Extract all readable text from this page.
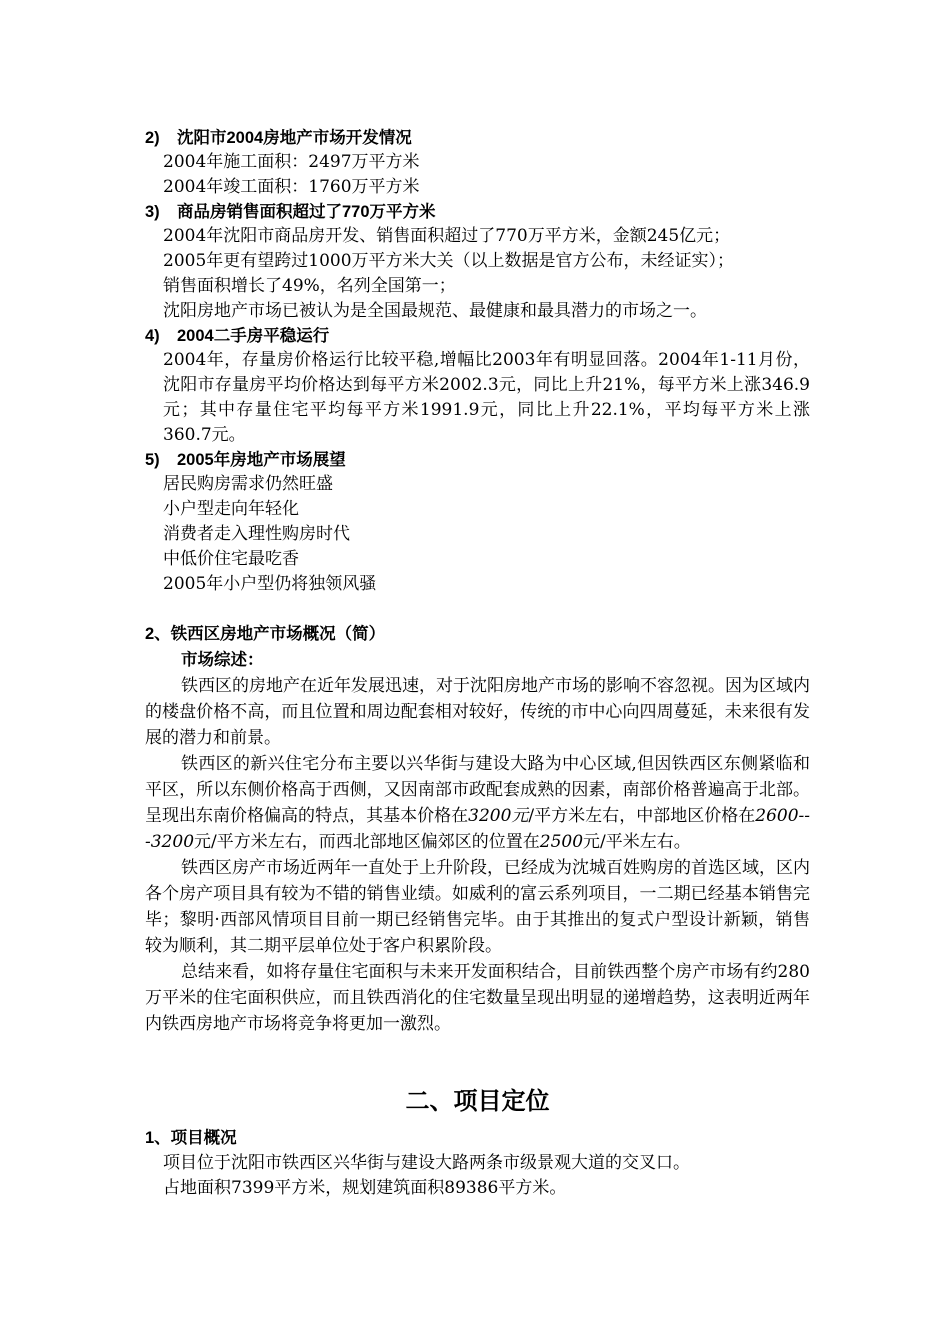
2) 沈阳市2004房地产市场开发情况
2004年施工面积：2497万平方米
2004年竣工面积：1760万平方米
3) 商品房销售面积超过了770万平方米
2004年沈阳市商品房开发、销售面积超过了770万平方米，金额245亿元；
2005年更有望跨过1000万平方米大关（以上数据是官方公布，未经证实）；
销售面积增长了49%，名列全国第一；
沈阳房地产市场已被认为是全国最规范、最健康和最具潜力的市场之一。
4) 2004二手房平稳运行
2004年，存量房价格运行比较平稳,增幅比2003年有明显回落。2004年1-11月份，沈阳市存量房平均价格达到每平方米2002.3元，同比上升21%，每平方米上涨346.9元；其中存量住宅平均每平方米1991.9元，同比上升22.1%，平均每平方米上涨360.7元。
5) 2005年房地产市场展望
居民购房需求仍然旺盛
小户型走向年轻化
消费者走入理性购房时代
中低价住宅最吃香
2005年小户型仍将独领风骚
2、铁西区房地产市场概况（简）
市场综述：
铁西区的房地产在近年发展迅速，对于沈阳房地产市场的影响不容忽视。因为区域内的楼盘价格不高，而且位置和周边配套相对较好，传统的市中心向四周蔓延，未来很有发展的潜力和前景。
铁西区的新兴住宅分布主要以兴华街与建设大路为中心区域,但因铁西区东侧紧临和平区，所以东侧价格高于西侧，又因南部市政配套成熟的因素，南部价格普遍高于北部。呈现出东南价格偏高的特点，其基本价格在3200元/平方米左右，中部地区价格在2600---3200元/平方米左右，而西北部地区偏郊区的位置在2500元/平米左右。
铁西区房产市场近两年一直处于上升阶段，已经成为沈城百姓购房的首选区域，区内各个房产项目具有较为不错的销售业绩。如威利的富云系列项目，一二期已经基本销售完毕；黎明·西部风情项目目前一期已经销售完毕。由于其推出的复式户型设计新颖，销售较为顺利，其二期平层单位处于客户积累阶段。
总结来看，如将存量住宅面积与未来开发面积结合，目前铁西整个房产市场有约280万平米的住宅面积供应，而且铁西消化的住宅数量呈现出明显的递增趋势，这表明近两年内铁西房地产市场将竞争将更加一激烈。
二、项目定位
1、项目概况
项目位于沈阳市铁西区兴华街与建设大路两条市级景观大道的交叉口。
占地面积7399平方米，规划建筑面积89386平方米。
